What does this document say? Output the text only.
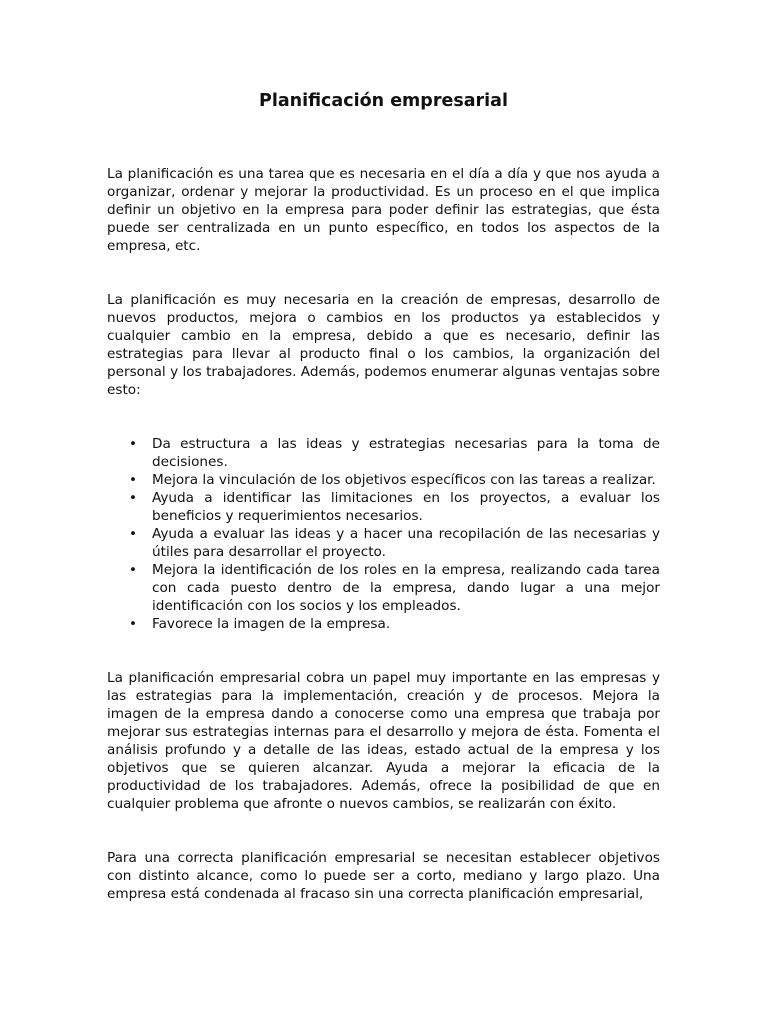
Planificación empresarial

La planificación es una tarea que es necesaria en el día a día y que nos ayuda a organizar, ordenar y mejorar la productividad. Es un proceso en el que implica definir un objetivo en la empresa para poder definir las estrategias, que ésta puede ser centralizada en un punto específico, en todos los aspectos de la empresa, etc.

La planificación es muy necesaria en la creación de empresas, desarrollo de nuevos productos, mejora o cambios en los productos ya establecidos y cualquier cambio en la empresa, debido a que es necesario, definir las estrategias para llevar al producto final o los cambios, la organización del personal y los trabajadores. Además, podemos enumerar algunas ventajas sobre esto:

• Da estructura a las ideas y estrategias necesarias para la toma de decisiones.
• Mejora la vinculación de los objetivos específicos con las tareas a realizar.
• Ayuda a identificar las limitaciones en los proyectos, a evaluar los beneficios y requerimientos necesarios.
• Ayuda a evaluar las ideas y a hacer una recopilación de las necesarias y útiles para desarrollar el proyecto.
• Mejora la identificación de los roles en la empresa, realizando cada tarea con cada puesto dentro de la empresa, dando lugar a una mejor identificación con los socios y los empleados.
• Favorece la imagen de la empresa.

La planificación empresarial cobra un papel muy importante en las empresas y las estrategias para la implementación, creación y de procesos. Mejora la imagen de la empresa dando a conocerse como una empresa que trabaja por mejorar sus estrategias internas para el desarrollo y mejora de ésta. Fomenta el análisis profundo y a detalle de las ideas, estado actual de la empresa y los objetivos que se quieren alcanzar. Ayuda a mejorar la eficacia de la productividad de los trabajadores. Además, ofrece la posibilidad de que en cualquier problema que afronte o nuevos cambios, se realizarán con éxito.

Para una correcta planificación empresarial se necesitan establecer objetivos con distinto alcance, como lo puede ser a corto, mediano y largo plazo. Una empresa está condenada al fracaso sin una correcta planificación empresarial,
